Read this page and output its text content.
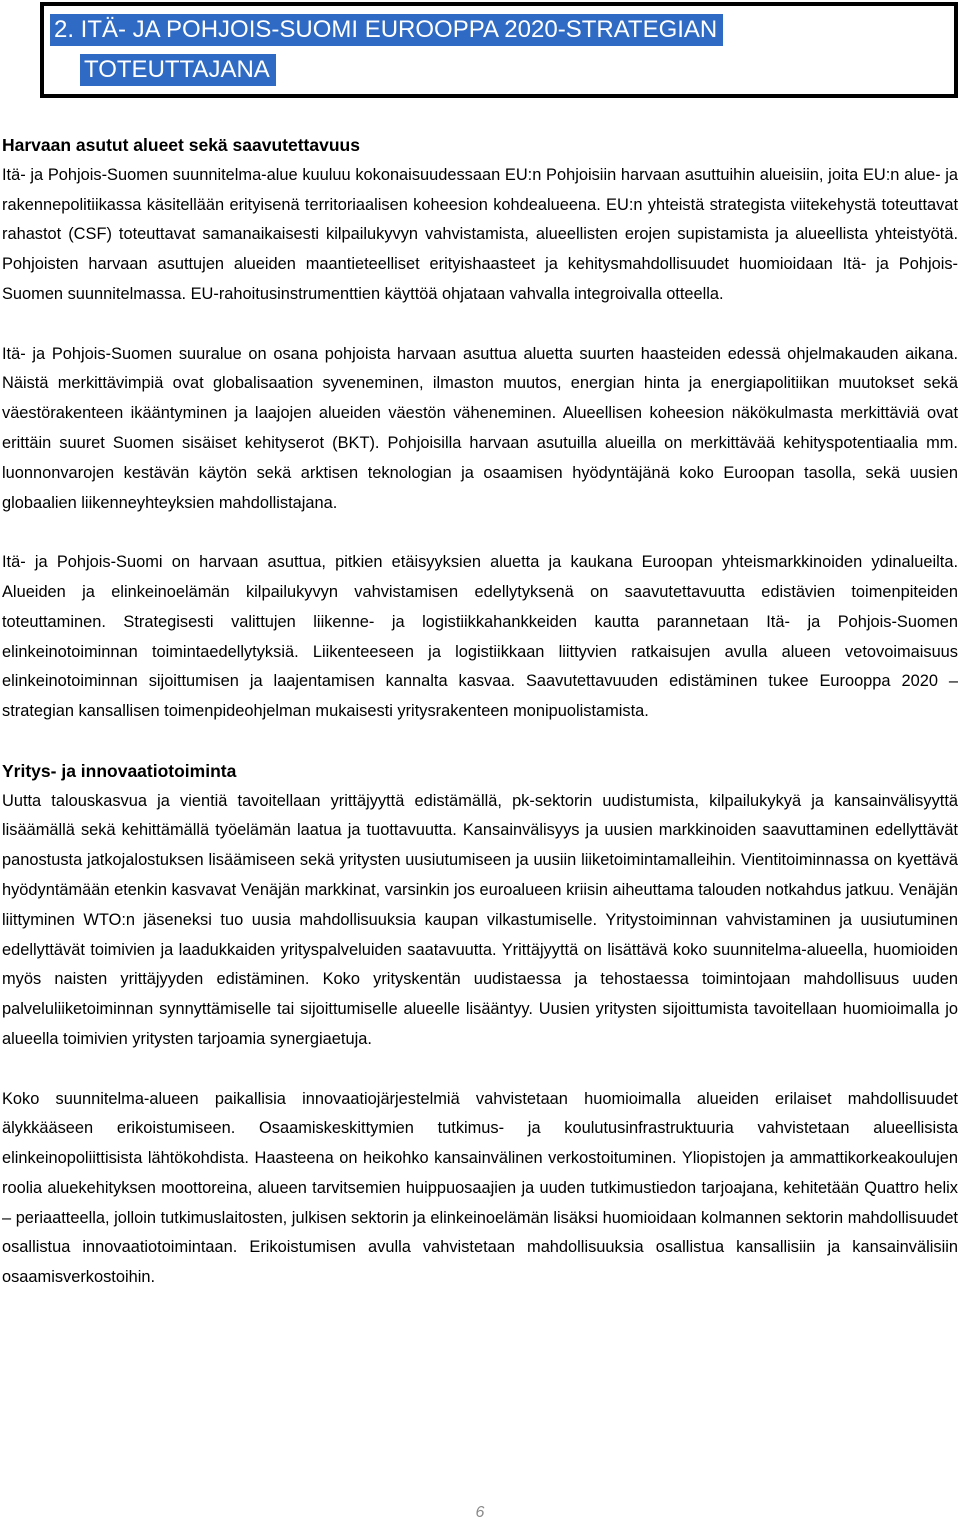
2. ITÄ- JA POHJOIS-SUOMI EUROOPPA 2020-STRATEGIAN
TOTEUTTAJANA
Harvaan asutut alueet sekä saavutettavuus

Itä- ja Pohjois-Suomen suunnitelma-alue kuuluu kokonaisuudessaan EU:n Pohjoisiin harvaan asuttuihin alueisiin, joita EU:n alue- ja rakennepolitiikassa käsitellään erityisenä territoriaalisen koheesion kohdealueena. EU:n yhteistä strategista viitekehystä toteuttavat rahastot (CSF) toteuttavat samanaikaisesti kilpailukyvyn vahvistamista, alueellisten erojen supistamista ja alueellista yhteistyötä. Pohjoisten harvaan asuttujen alueiden maantieteelliset erityishaasteet ja kehitysmahdollisuudet huomioidaan Itä- ja Pohjois-Suomen suunnitelmassa. EU-rahoitusinstrumenttien käyttöä ohjataan vahvalla integroivalla otteella.

Itä- ja Pohjois-Suomen suuralue on osana pohjoista harvaan asuttua aluetta suurten haasteiden edessä ohjelmakauden aikana. Näistä merkittävimpiä ovat globalisaation syveneminen, ilmaston muutos, energian hinta ja energiapolitiikan muutokset sekä väestörakenteen ikääntyminen ja laajojen alueiden väestön väheneminen. Alueellisen koheesion näkökulmasta merkittäviä ovat erittäin suuret Suomen sisäiset kehityserot (BKT). Pohjoisilla harvaan asutuilla alueilla on merkittävää kehityspotentiaalia mm. luonnonvarojen kestävän käytön sekä arktisen teknologian ja osaamisen hyödyntäjänä koko Euroopan tasolla, sekä uusien globaalien liikenneyhteyksien mahdollistajana.

Itä- ja Pohjois-Suomi on harvaan asuttua, pitkien etäisyyksien aluetta ja kaukana Euroopan yhteismarkkinoiden ydinalueilta. Alueiden ja elinkeinoelämän kilpailukyvyn vahvistamisen edellytyksenä on saavutettavuutta edistävien toimenpiteiden toteuttaminen. Strategisesti valittujen liikenne- ja logistiikkahankkeiden kautta parannetaan Itä- ja Pohjois-Suomen elinkeinotoiminnan toimintaedellytyksiä. Liikenteeseen ja logistiikkaan liittyvien ratkaisujen avulla alueen vetovoimaisuus elinkeinotoiminnan sijoittumisen ja laajentamisen kannalta kasvaa. Saavutettavuuden edistäminen tukee Eurooppa 2020 – strategian kansallisen toimenpideohjelman mukaisesti yritysrakenteen monipuolistamista.

Yritys- ja innovaatiotoiminta

Uutta talouskasvua ja vientiä tavoitellaan yrittäjyyttä edistämällä, pk-sektorin uudistumista, kilpailukykyä ja kansainvälisyyttä lisäämällä sekä kehittämällä työelämän laatua ja tuottavuutta. Kansainvälisyys ja uusien markkinoiden saavuttaminen edellyttävät panostusta jatkojalostuksen lisäämiseen sekä yritysten uusiutumiseen ja uusiin liiketoimintamalleihin. Vientitoiminnassa on kyettävä hyödyntämään etenkin kasvavat Venäjän markkinat, varsinkin jos euroalueen kriisin aiheuttama talouden notkahdus jatkuu. Venäjän liittyminen WTO:n jäseneksi tuo uusia mahdollisuuksia kaupan vilkastumiselle. Yritystoiminnan vahvistaminen ja uusiutuminen edellyttävät toimivien ja laadukkaiden yrityspalveluiden saatavuutta. Yrittäjyyttä on lisättävä koko suunnitelma-alueella, huomioiden myös naisten yrittäjyyden edistäminen. Koko yrityskentän uudistaessa ja tehostaessa toimintojaan mahdollisuus uuden palveluliiketoiminnan synnyttämiselle tai sijoittumiselle alueelle lisääntyy. Uusien yritysten sijoittumista tavoitellaan huomioimalla jo alueella toimivien yritysten tarjoamia synergiaetuja.

Koko suunnitelma-alueen paikallisia innovaatiojärjestelmiä vahvistetaan huomioimalla alueiden erilaiset mahdollisuudet älykkääseen erikoistumiseen. Osaamiskeskittymien tutkimus- ja koulutusinfrastruktuuria vahvistetaan alueellisista elinkeinopoliittisista lähtökohdista. Haasteena on heikohko kansainvälinen verkostoituminen. Yliopistojen ja ammattikorkeakoulujen roolia aluekehityksen moottoreina, alueen tarvitsemien huippuosaajien ja uuden tutkimustiedon tarjoajana, kehitetään Quattro helix – periaatteella, jolloin tutkimuslaitosten, julkisen sektorin ja elinkeinoelämän lisäksi huomioidaan kolmannen sektorin mahdollisuudet osallistua innovaatiotoimintaan. Erikoistumisen avulla vahvistetaan mahdollisuuksia osallistua kansallisiin ja kansainvälisiin osaamisverkostoihin.

6
